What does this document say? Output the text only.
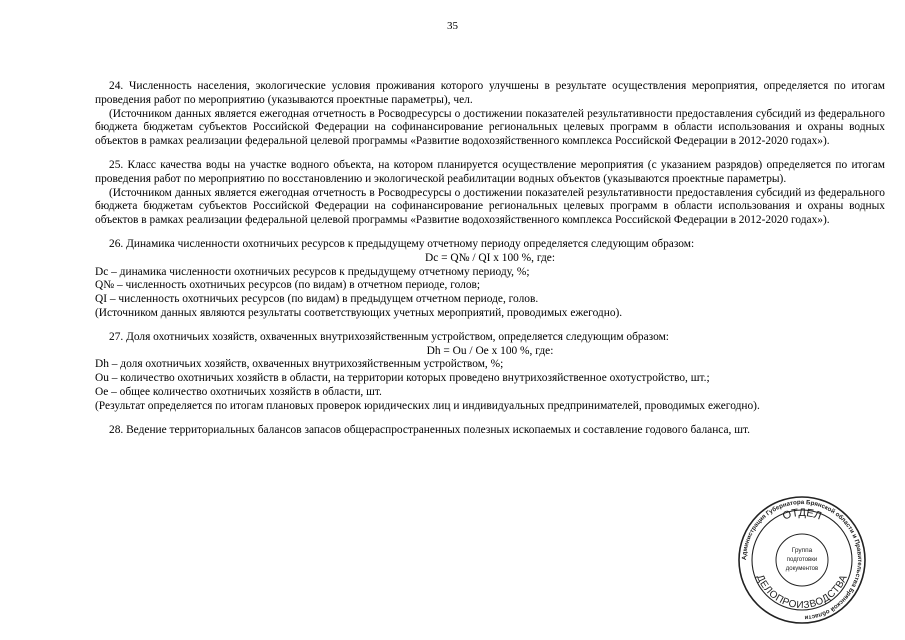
35

24. Численность населения, экологические условия проживания которого улучшены в результате осуществления мероприятия, определяется по итогам проведения работ по мероприятию (указываются проектные параметры), чел.

(Источником данных является ежегодная отчетность в Росводресурсы о достижении показателей результативности предоставления субсидий из федерального бюджета бюджетам субъектов Российской Федерации на софинансирование региональных целевых программ в области использования и охраны водных объектов в рамках реализации федеральной целевой программы «Развитие водохозяйственного комплекса Российской Федерации в 2012-2020 годах»).

25. Класс качества воды на участке водного объекта, на котором планируется осуществление мероприятия (с указанием разрядов) определяется по итогам проведения работ по мероприятию по восстановлению и экологической реабилитации водных объектов (указываются проектные параметры).

(Источником данных является ежегодная отчетность в Росводресурсы о достижении показателей результативности предоставления субсидий из федерального бюджета бюджетам субъектов Российской Федерации на софинансирование региональных целевых программ в области использования и охраны водных объектов в рамках реализации федеральной целевой программы «Развитие водохозяйственного комплекса Российской Федерации в 2012-2020 годах»).

26. Динамика численности охотничьих ресурсов к предыдущему отчетному периоду определяется следующим образом:

Dc = Q№ / QI x 100 %, где:

Dc – динамика численности охотничьих ресурсов к предыдущему отчетному периоду, %;

Q№ – численность охотничьих ресурсов (по видам) в отчетном периоде, голов;

QI – численность охотничьих ресурсов (по видам) в предыдущем отчетном периоде, голов.

(Источником данных являются результаты соответствующих учетных мероприятий, проводимых ежегодно).

27. Доля охотничьих хозяйств, охваченных внутрихозяйственным устройством, определяется следующим образом:

Dh = Ou / Oe x 100 %, где:

Dh – доля охотничьих хозяйств, охваченных внутрихозяйственным устройством, %;

Ou – количество охотничьих хозяйств в области, на территории которых проведено внутрихозяйственное охотустройство, шт.;

Oe – общее количество охотничьих хозяйств в области, шт.

(Результат определяется по итогам плановых проверок юридических лиц и индивидуальных предпринимателей, проводимых ежегодно).

28. Ведение территориальных балансов запасов общераспространенных полезных ископаемых и составление годового баланса, шт.

Администрация Губернатора Брянской области и Правительства Брянской области
ОТДЕЛ
ДЕЛОПРОИЗВОДСТВА
Группа
подготовки
документов
